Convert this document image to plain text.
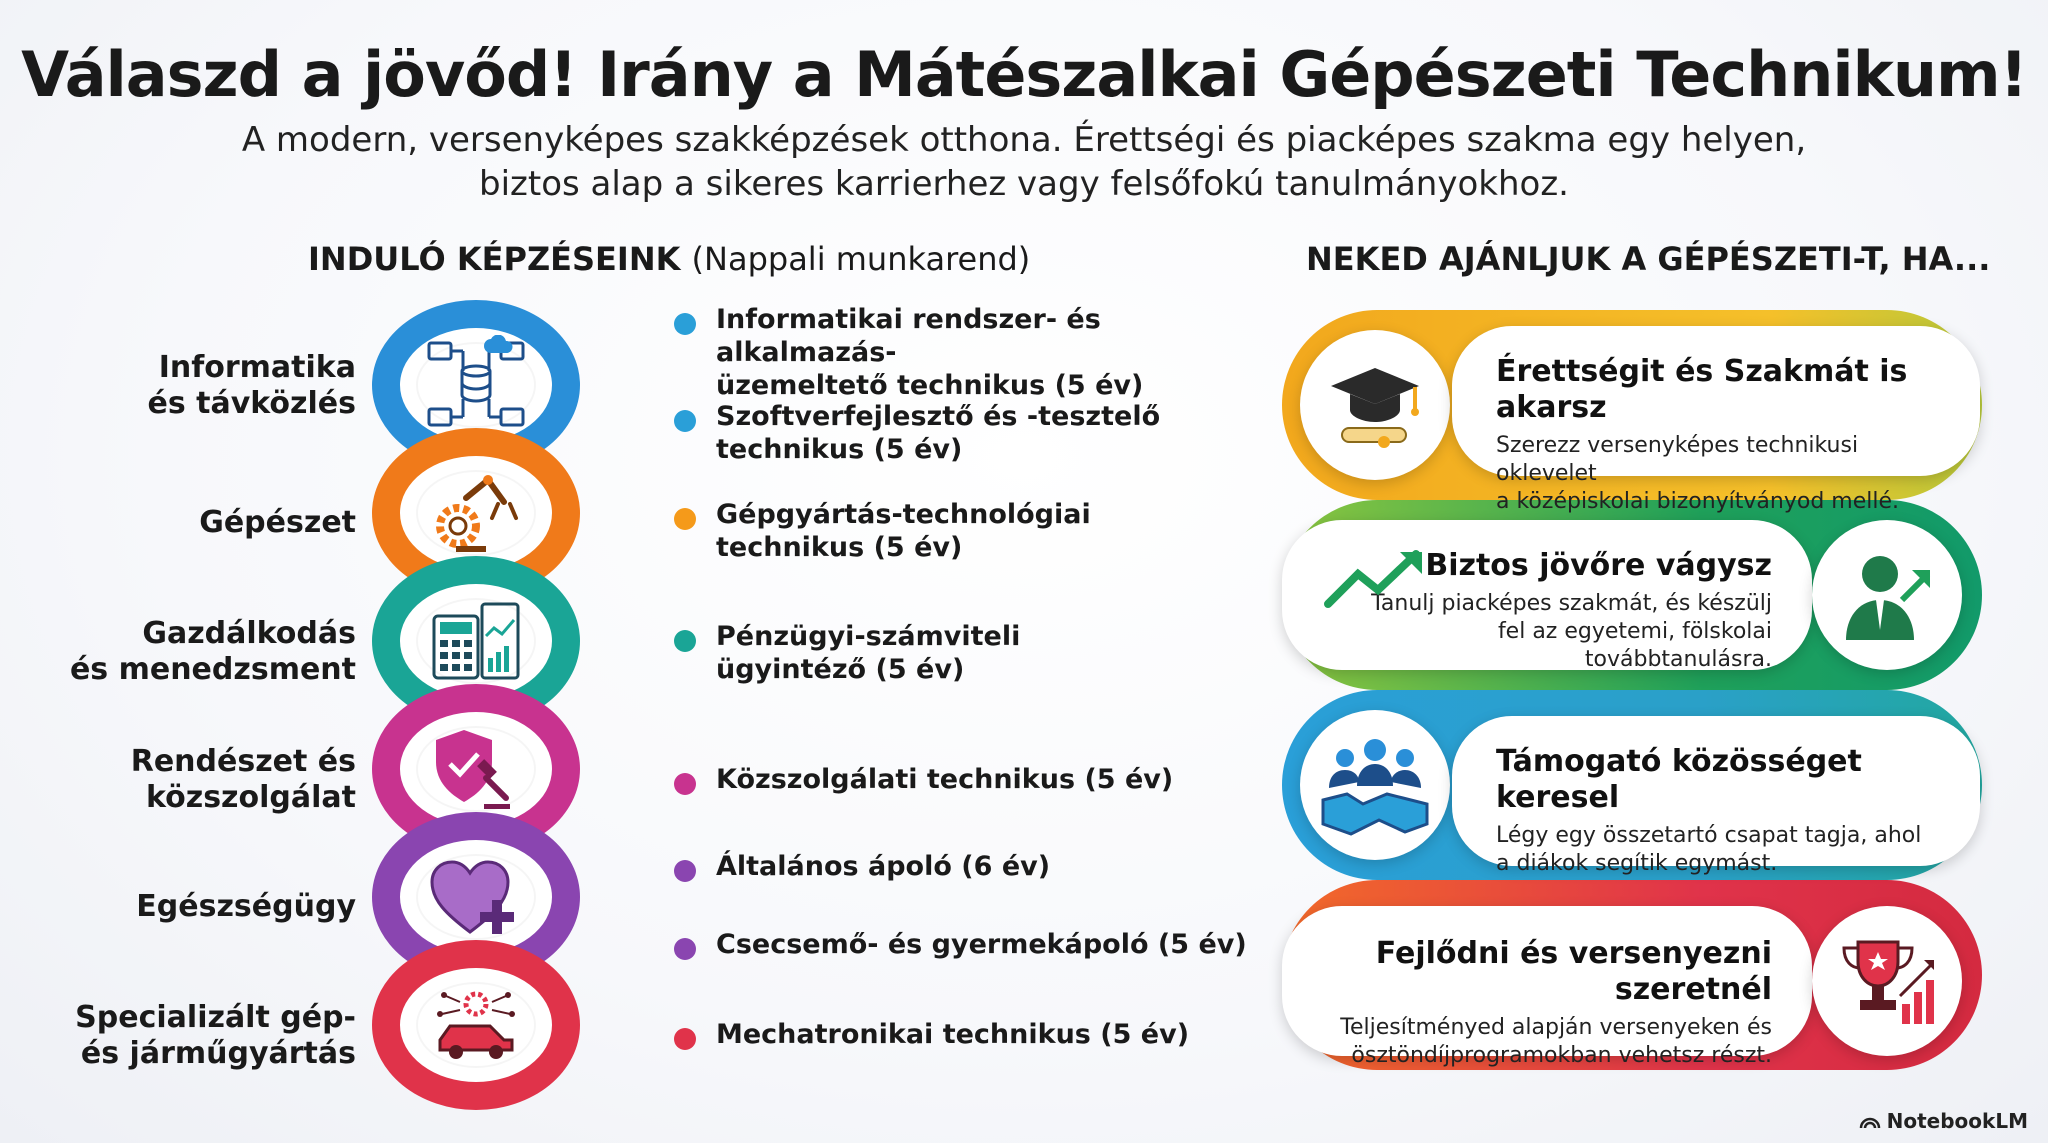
Válaszd a jövőd! Irány a Mátészalkai Gépészeti Technikum!
A modern, versenyképes szakképzések otthona. Érettségi és piacképes szakma egy helyen,
biztos alap a sikeres karrierhez vagy felsőfokú tanulmányokhoz.
INDULÓ KÉPZÉSEINK (Nappali munkarend)	NEKED AJÁNLJUK A GÉPÉSZETI-T, HA...
Informatika
és távközlés
Gépészet
Gazdálkodás
és menedzsment
Rendészet és
közszolgálat
Egészségügy
Specializált gép-
és járműgyártás
Informatikai rendszer- és alkalmazás-
üzemeltető technikus (5 év)
Szoftverfejlesztő és -tesztelő
technikus (5 év)
Gépgyártás-technológiai
technikus (5 év)
Pénzügyi-számviteli
ügyintéző (5 év)
Közszolgálati technikus (5 év)
Általános ápoló (6 év)
Csecsemő- és gyermekápoló (5 év)
Mechatronikai technikus (5 év)
Érettségit és Szakmát is akarsz
Szerezz versenyképes technikusi oklevelet
a középiskolai bizonyítványod mellé.
Biztos jövőre vágysz
Tanulj piacképes szakmát, és készülj
fel az egyetemi, fölskolai továbbtanulásra.
Támogató közösséget keresel
Légy egy összetartó csapat tagja, ahol
a diákok segítik egymást.
Fejlődni és versenyezni szeretnél
Teljesítményed alapján versenyeken és
ösztöndíjprogramokban vehetsz részt.
NotebookLM
